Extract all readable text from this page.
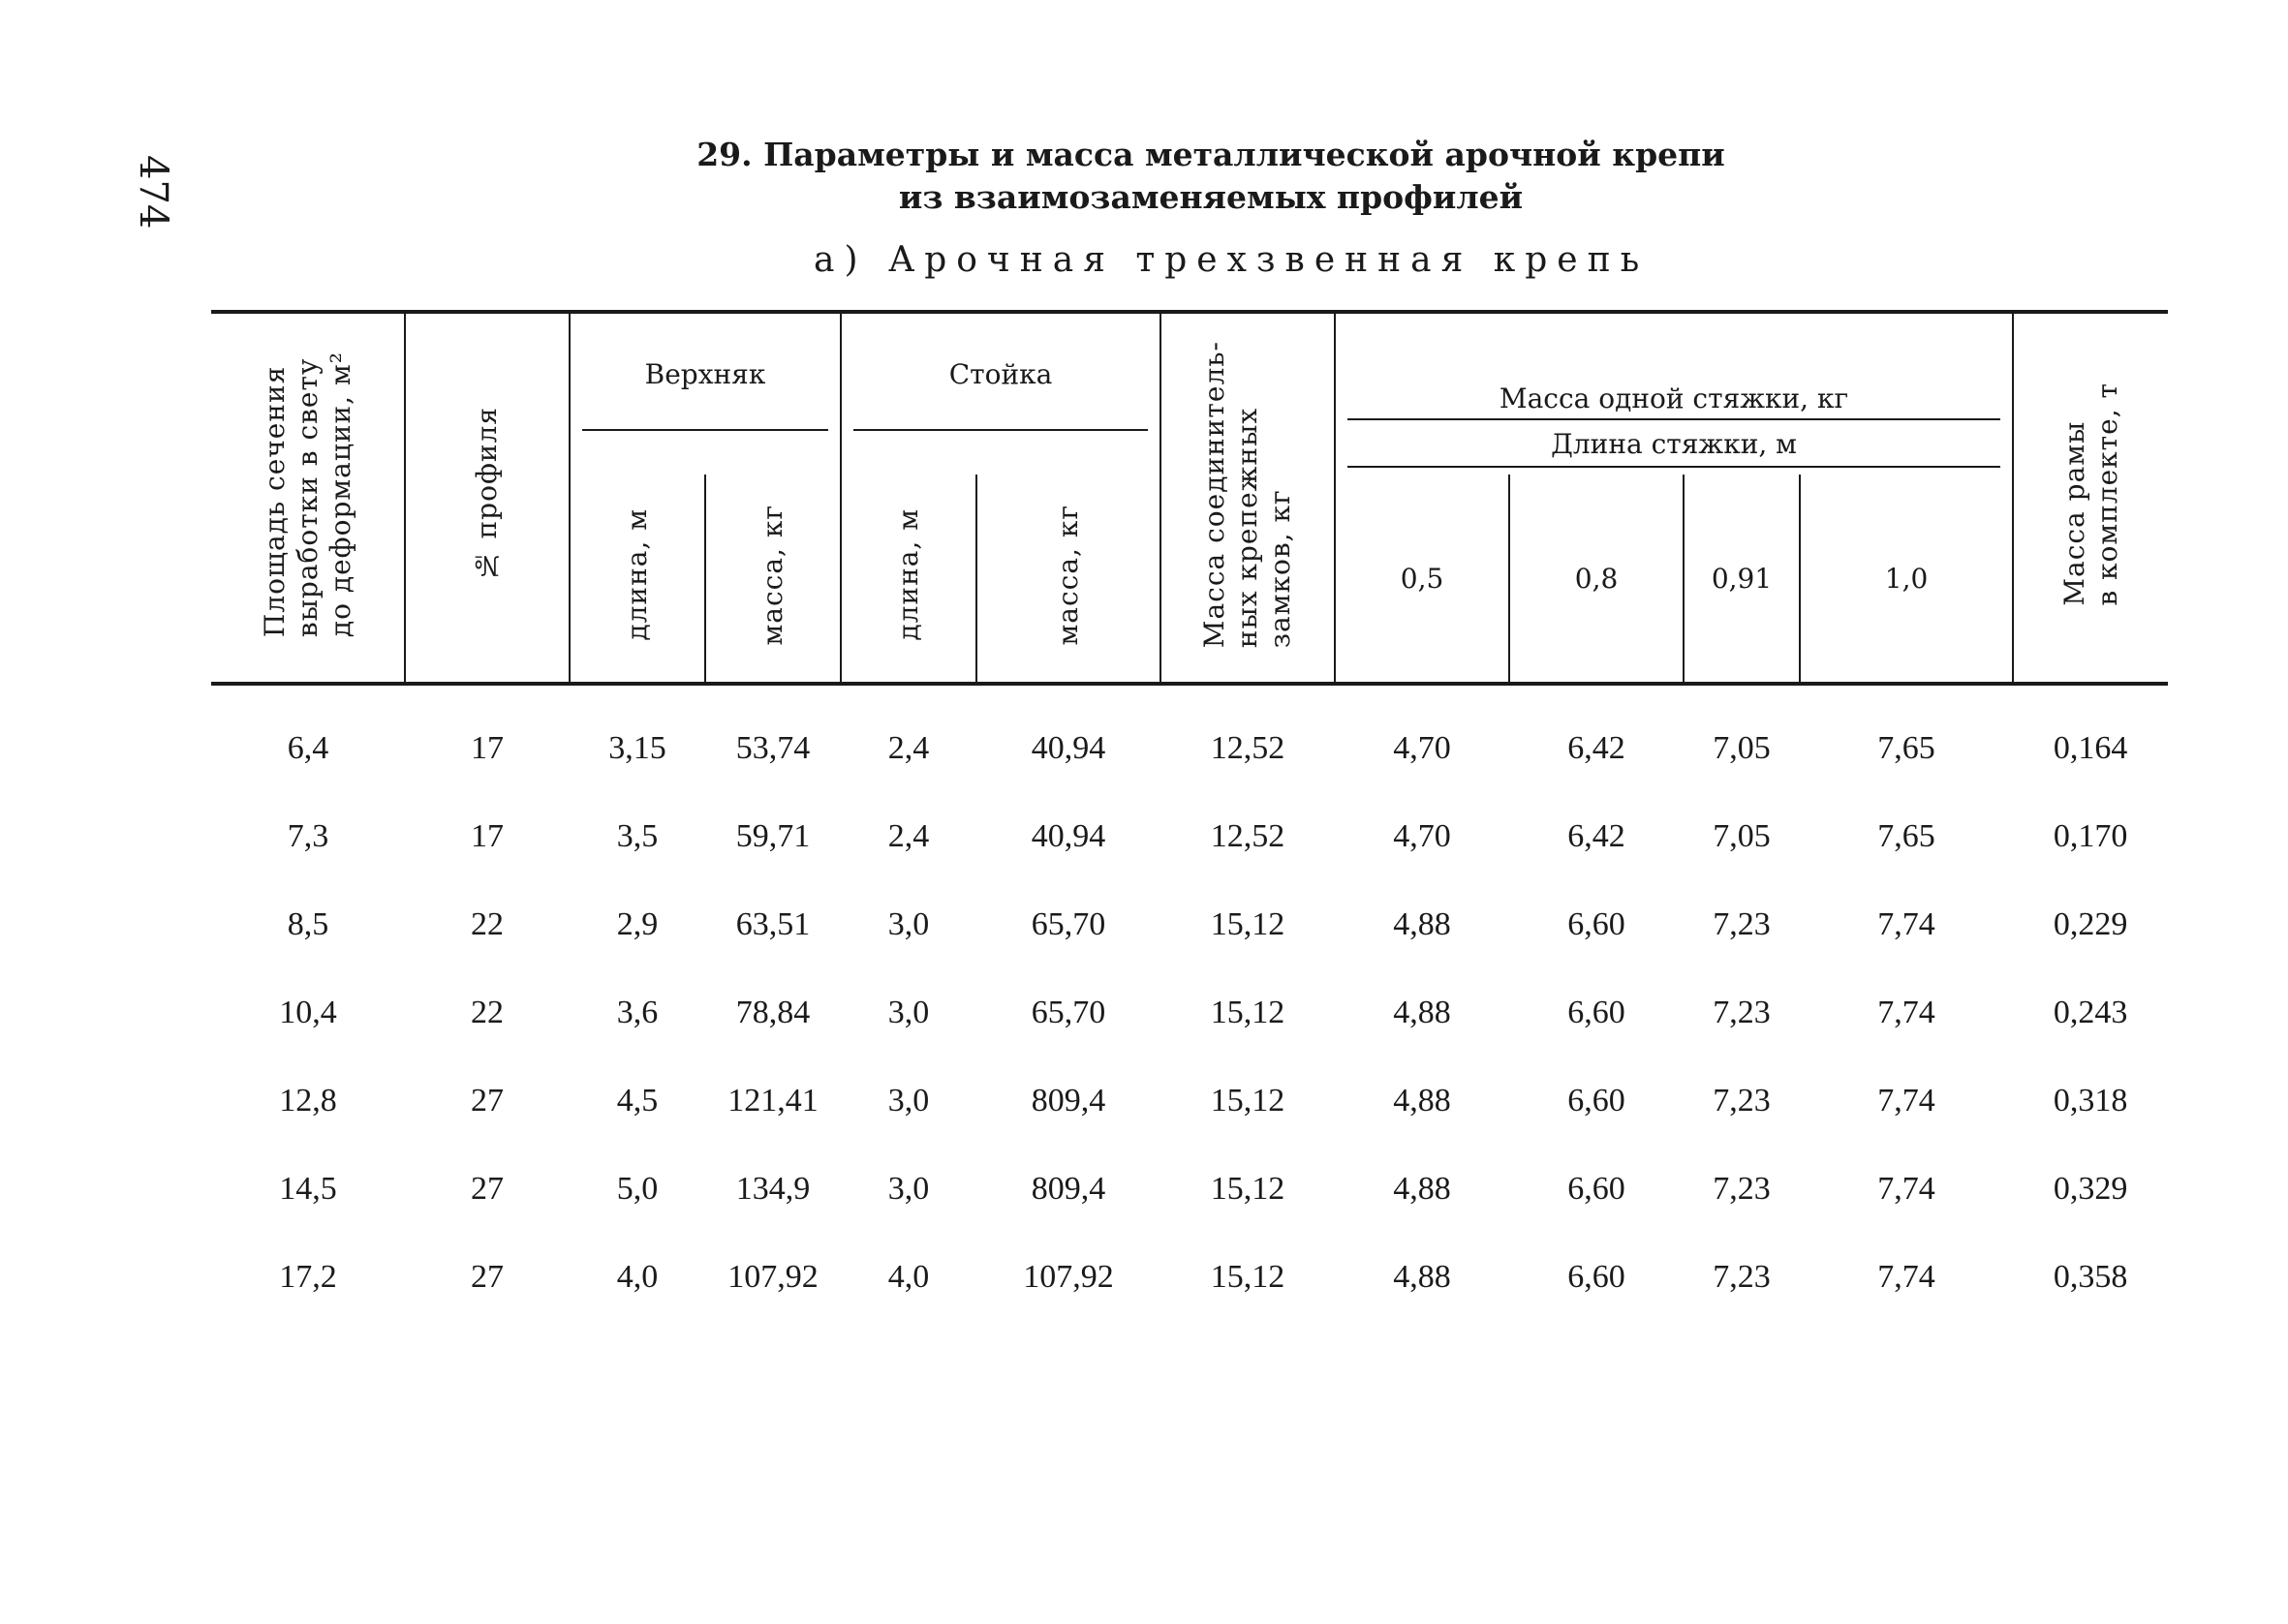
474
29. Параметры и масса металлической арочной крепи
из взаимозаменяемых профилей
а) Арочная трехзвенная крепь
Площадь сечения
выработки в свету
до деформации, м²	№ профиля	Верхняк		Стойка		Масса соединитель-
ных крепежных
замков, кг	Масса одной стяжки, кг				Масса рамы
в комплекте, т

							Длина стяжки, м				

		длина, м	масса, кг	длина, м	масса, кг		0,5	0,8	0,91	1,0	
6,4	17	3,15	53,74	2,4	40,94	12,52	4,70	6,42	7,05	7,65	0,164
7,3	17	3,5	59,71	2,4	40,94	12,52	4,70	6,42	7,05	7,65	0,170
8,5	22	2,9	63,51	3,0	65,70	15,12	4,88	6,60	7,23	7,74	0,229
10,4	22	3,6	78,84	3,0	65,70	15,12	4,88	6,60	7,23	7,74	0,243
12,8	27	4,5	121,41	3,0	809,4	15,12	4,88	6,60	7,23	7,74	0,318
14,5	27	5,0	134,9	3,0	809,4	15,12	4,88	6,60	7,23	7,74	0,329
17,2	27	4,0	107,92	4,0	107,92	15,12	4,88	6,60	7,23	7,74	0,358
